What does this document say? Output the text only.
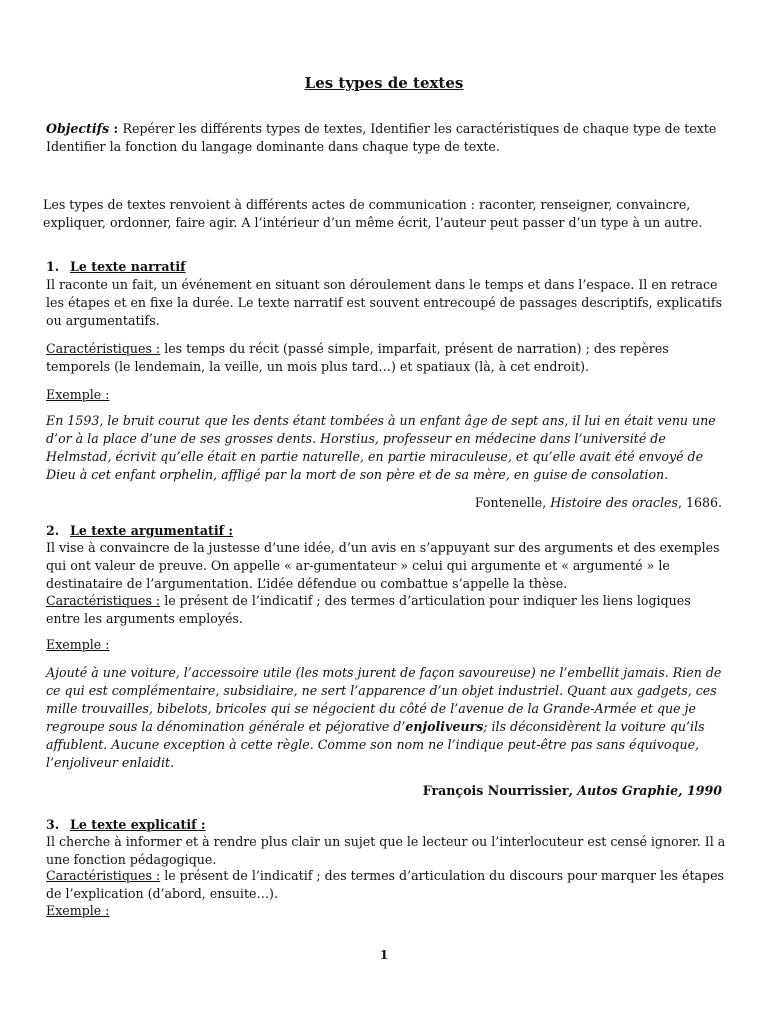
Les types de textes
Objectifs : Repérer les différents types de textes, Identifier les caractéristiques de chaque type de texte
Identifier la fonction du langage dominante dans chaque type de texte.
Les types de textes renvoient à différents actes de communication : raconter, renseigner, convaincre,
expliquer, ordonner, faire agir. A l’intérieur d’un même écrit, l’auteur peut passer d’un type à un autre.
1. Le texte narratif
Il raconte un fait, un événement en situant son déroulement dans le temps et dans l’espace. Il en retrace les étapes et en fixe la durée. Le texte narratif est souvent entrecoupé de passages descriptifs, explicatifs ou argumentatifs.
Caractéristiques : les temps du récit (passé simple, imparfait, présent de narration) ; des repères temporels (le lendemain, la veille, un mois plus tard…) et spatiaux (là, à cet endroit).
Exemple :
En 1593, le bruit courut que les dents étant tombées à un enfant âge de sept ans, il lui en était venu une d’or à la place d’une de ses grosses dents. Horstius, professeur en médecine dans l’université de Helmstad, écrivit qu’elle était en partie naturelle, en partie miraculeuse, et qu’elle avait été envoyé de Dieu à cet enfant orphelin, affligé par la mort de son père et de sa mère, en guise de consolation.
Fontenelle, Histoire des oracles, 1686.
2. Le texte argumentatif :
Il vise à convaincre de la justesse d’une idée, d’un avis en s’appuyant sur des arguments et des exemples qui ont valeur de preuve. On appelle « ar-gumentateur » celui qui argumente et « argumenté » le destinataire de l’argumentation. L’idée défendue ou combattue s’appelle la thèse.
Caractéristiques : le présent de l’indicatif ; des termes d’articulation pour indiquer les liens logiques entre les arguments employés.
Exemple :
Ajouté à une voiture, l’accessoire utile (les mots jurent de façon savoureuse) ne l’embellit jamais. Rien de ce qui est complémentaire, subsidiaire, ne sert l’apparence d’un objet industriel. Quant aux gadgets, ces mille trouvailles, bibelots, bricoles qui se négocient du côté de l’avenue de la Grande-Armée et que je regroupe sous la dénomination générale et péjorative d’enjoliveurs; ils déconsidèrent la voiture qu’ils affublent. Aucune exception à cette règle. Comme son nom ne l’indique peut-être pas sans équivoque, l’enjoliveur enlaidit.
François Nourrissier, Autos Graphie, 1990
3. Le texte explicatif :
Il cherche à informer et à rendre plus clair un sujet que le lecteur ou l’interlocuteur est censé ignorer. Il a une fonction pédagogique.
Caractéristiques : le présent de l’indicatif ; des termes d’articulation du discours pour marquer les étapes de l’explication (d’abord, ensuite…).
Exemple :
1
